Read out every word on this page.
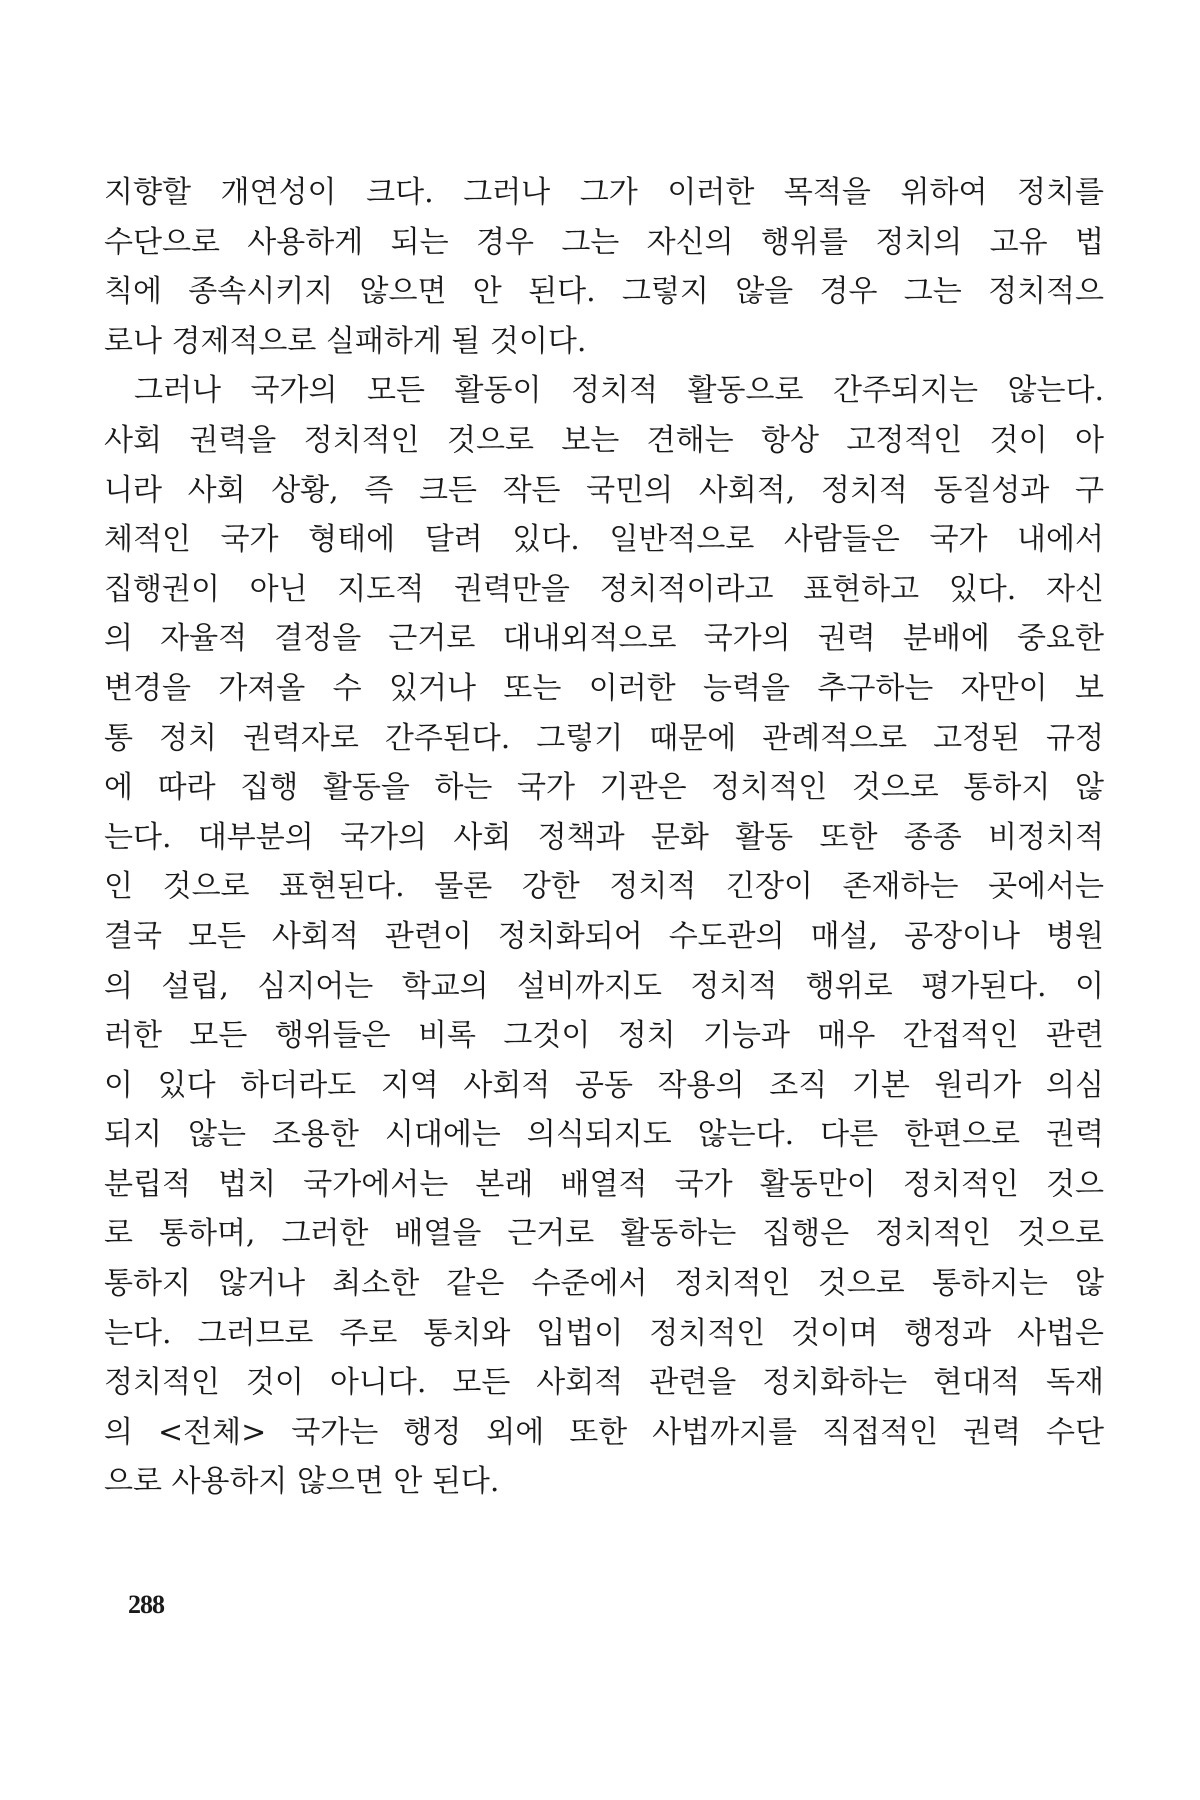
지향할 개연성이 크다. 그러나 그가 이러한 목적을 위하여 정치를
수단으로 사용하게 되는 경우 그는 자신의 행위를 정치의 고유 법
칙에 종속시키지 않으면 안 된다. 그렇지 않을 경우 그는 정치적으
로나 경제적으로 실패하게 될 것이다.
그러나 국가의 모든 활동이 정치적 활동으로 간주되지는 않는다.
사회 권력을 정치적인 것으로 보는 견해는 항상 고정적인 것이 아
니라 사회 상황, 즉 크든 작든 국민의 사회적, 정치적 동질성과 구
체적인 국가 형태에 달려 있다. 일반적으로 사람들은 국가 내에서
집행권이 아닌 지도적 권력만을 정치적이라고 표현하고 있다. 자신
의 자율적 결정을 근거로 대내외적으로 국가의 권력 분배에 중요한
변경을 가져올 수 있거나 또는 이러한 능력을 추구하는 자만이 보
통 정치 권력자로 간주된다. 그렇기 때문에 관례적으로 고정된 규정
에 따라 집행 활동을 하는 국가 기관은 정치적인 것으로 통하지 않
는다. 대부분의 국가의 사회 정책과 문화 활동 또한 종종 비정치적
인 것으로 표현된다. 물론 강한 정치적 긴장이 존재하는 곳에서는
결국 모든 사회적 관련이 정치화되어 수도관의 매설, 공장이나 병원
의 설립, 심지어는 학교의 설비까지도 정치적 행위로 평가된다. 이
러한 모든 행위들은 비록 그것이 정치 기능과 매우 간접적인 관련
이 있다 하더라도 지역 사회적 공동 작용의 조직 기본 원리가 의심
되지 않는 조용한 시대에는 의식되지도 않는다. 다른 한편으로 권력
분립적 법치 국가에서는 본래 배열적 국가 활동만이 정치적인 것으
로 통하며, 그러한 배열을 근거로 활동하는 집행은 정치적인 것으로
통하지 않거나 최소한 같은 수준에서 정치적인 것으로 통하지는 않
는다. 그러므로 주로 통치와 입법이 정치적인 것이며 행정과 사법은
정치적인 것이 아니다. 모든 사회적 관련을 정치화하는 현대적 독재
의 <전체> 국가는 행정 외에 또한 사법까지를 직접적인 권력 수단
으로 사용하지 않으면 안 된다.
288
